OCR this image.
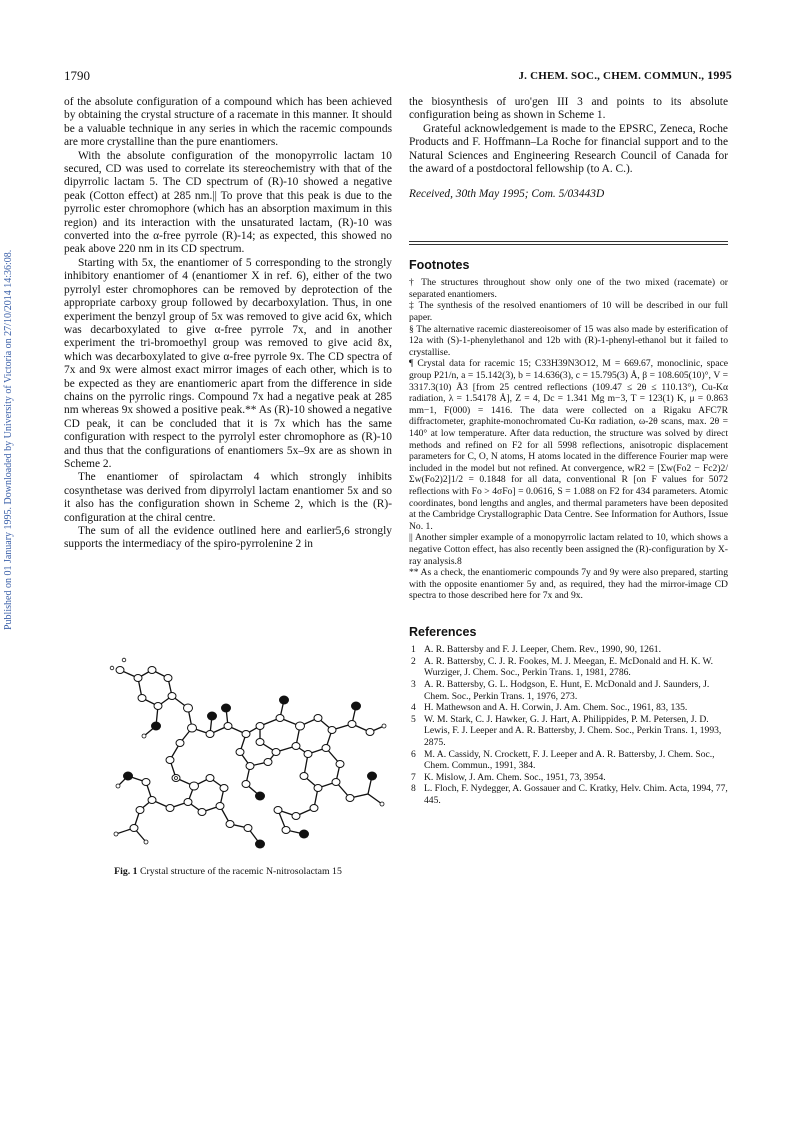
1790	J. CHEM. SOC., CHEM. COMMUN., 1995
Published on 01 January 1995. Downloaded by University of Victoria on 27/10/2014 14:36:08.

of the absolute configuration of a compound which has been achieved by obtaining the crystal structure of a racemate in this manner. It should be a valuable technique in any series in which the racemic compounds are more crystalline than the pure enantiomers.

With the absolute configuration of the monopyrrolic lactam 10 secured, CD was used to correlate its stereochemistry with that of the dipyrrolic lactam 5. The CD spectrum of (R)-10 showed a negative peak (Cotton effect) at 285 nm.|| To prove that this peak is due to the pyrrolic ester chromophore (which has an absorption maximum in this region) and its interaction with the unsaturated lactam, (R)-10 was converted into the α-free pyrrole (R)-14; as expected, this showed no peak above 220 nm in its CD spectrum.

Starting with 5x, the enantiomer of 5 corresponding to the strongly inhibitory enantiomer of 4 (enantiomer X in ref. 6), either of the two pyrrolyl ester chromophores can be removed by deprotection of the appropriate carboxy group followed by decarboxylation. Thus, in one experiment the benzyl group of 5x was removed to give acid 6x, which was decarboxylated to give α-free pyrrole 7x, and in another experiment the tri-bromoethyl group was removed to give acid 8x, which was decarboxylated to give α-free pyrrole 9x. The CD spectra of 7x and 9x were almost exact mirror images of each other, which is to be expected as they are enantiomeric apart from the difference in side chains on the pyrrolic rings. Compound 7x had a negative peak at 285 nm whereas 9x showed a positive peak.** As (R)-10 showed a negative CD peak, it can be concluded that it is 7x which has the same configuration with respect to the pyrrolyl ester chromophore as (R)-10 and thus that the configurations of enantiomers 5x–9x are as shown in Scheme 2.

The enantiomer of spirolactam 4 which strongly inhibits cosynthetase was derived from dipyrrolyl lactam enantiomer 5x and so it also has the configuration shown in Scheme 2, which is the (R)-configuration at the chiral centre.

The sum of all the evidence outlined here and earlier5,6 strongly supports the intermediacy of the spiro-pyrrolenine 2 in

Fig. 1 Crystal structure of the racemic N-nitrosolactam 15

the biosynthesis of uro'gen III 3 and points to its absolute configuration being as shown in Scheme 1.

Grateful acknowledgement is made to the EPSRC, Zeneca, Roche Products and F. Hoffmann–La Roche for financial support and to the Natural Sciences and Engineering Research Council of Canada for the award of a postdoctoral fellowship (to A. C.).

Received, 30th May 1995; Com. 5/03443D

Footnotes

† The structures throughout show only one of the two mixed (racemate) or separated enantiomers.

‡ The synthesis of the resolved enantiomers of 10 will be described in our full paper.

§ The alternative racemic diastereoisomer of 15 was also made by esterification of 12a with (S)-1-phenylethanol and 12b with (R)-1-phenyl-ethanol but it failed to crystallise.

¶ Crystal data for racemic 15; C33H39N3O12, M = 669.67, monoclinic, space group P21/n, a = 15.142(3), b = 14.636(3), c = 15.795(3) Å, β = 108.605(10)°, V = 3317.3(10) Å3 [from 25 centred reflections (109.47 ≤ 2θ ≤ 110.13°), Cu-Kα radiation, λ = 1.54178 Å], Z = 4, Dc = 1.341 Mg m−3, T = 123(1) K, μ = 0.863 mm−1, F(000) = 1416. The data were collected on a Rigaku AFC7R diffractometer, graphite-monochromated Cu-Kα radiation, ω-2θ scans, max. 2θ = 140° at low temperature. After data reduction, the structure was solved by direct methods and refined on F2 for all 5998 reflections, anisotropic displacement parameters for C, O, N atoms, H atoms located in the difference Fourier map were included in the model but not refined. At convergence, wR2 = [Σw(Fo2 − Fc2)2/Σw(Fo2)2]1/2 = 0.1848 for all data, conventional R [on F values for 5072 reflections with Fo > 4σFo] = 0.0616, S = 1.088 on F2 for 434 parameters. Atomic coordinates, bond lengths and angles, and thermal parameters have been deposited at the Cambridge Crystallographic Data Centre. See Information for Authors, Issue No. 1.

|| Another simpler example of a monopyrrolic lactam related to 10, which shows a negative Cotton effect, has also recently been assigned the (R)-configuration by X-ray analysis.8

** As a check, the enantiomeric compounds 7y and 9y were also prepared, starting with the opposite enantiomer 5y and, as required, they had the mirror-image CD spectra to those described here for 7x and 9x.

References
1 A. R. Battersby and F. J. Leeper, Chem. Rev., 1990, 90, 1261.
2 A. R. Battersby, C. J. R. Fookes, M. J. Meegan, E. McDonald and H. K. W. Wurziger, J. Chem. Soc., Perkin Trans. 1, 1981, 2786.
3 A. R. Battersby, G. L. Hodgson, E. Hunt, E. McDonald and J. Saunders, J. Chem. Soc., Perkin Trans. 1, 1976, 273.
4 H. Mathewson and A. H. Corwin, J. Am. Chem. Soc., 1961, 83, 135.
5 W. M. Stark, C. J. Hawker, G. J. Hart, A. Philippides, P. M. Petersen, J. D. Lewis, F. J. Leeper and A. R. Battersby, J. Chem. Soc., Perkin Trans. 1, 1993, 2875.
6 M. A. Cassidy, N. Crockett, F. J. Leeper and A. R. Battersby, J. Chem. Soc., Chem. Commun., 1991, 384.
7 K. Mislow, J. Am. Chem. Soc., 1951, 73, 3954.
8 L. Floch, F. Nydegger, A. Gossauer and C. Kratky, Helv. Chim. Acta, 1994, 77, 445.
